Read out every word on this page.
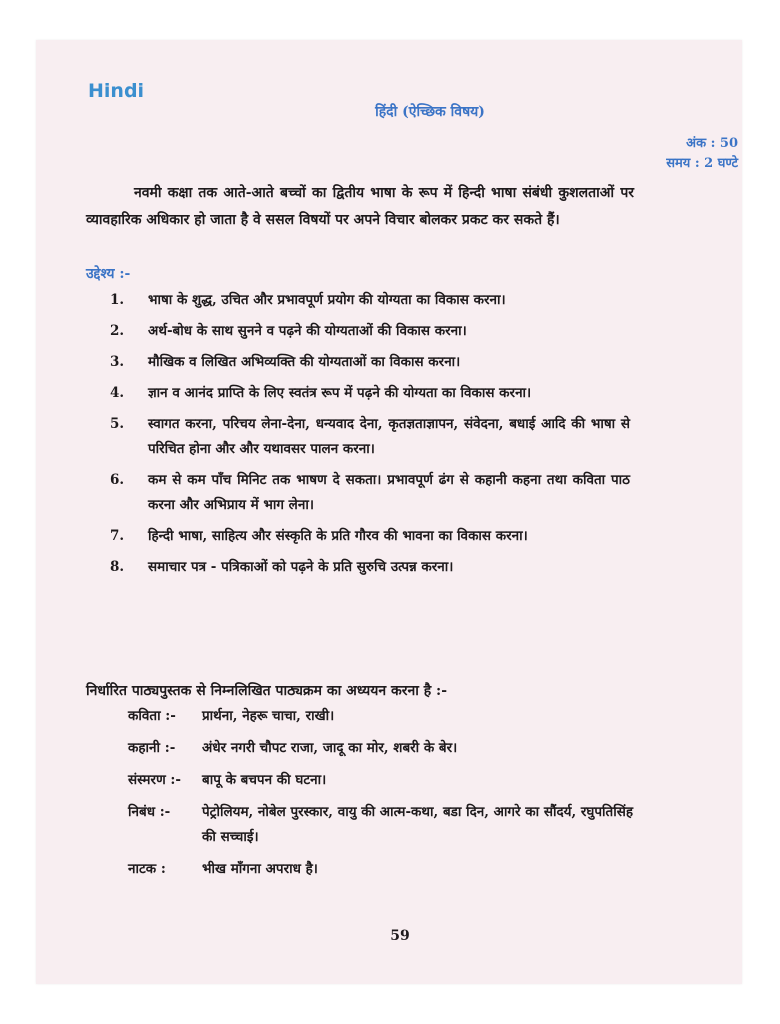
Hindi
हिंदी (ऐच्छिक विषय)
अंक : 50
समय : 2 घण्टे

नवमी कक्षा तक आते-आते बच्चों का द्वितीय भाषा के रूप में हिन्दी भाषा संबंधी कुशलताओं पर व्यावहारिक अधिकार हो जाता है वे ससल विषयों पर अपने विचार बोलकर प्रकट कर सकते हैं।

उद्देश्य :-
1.	भाषा के शुद्ध, उचित और प्रभावपूर्ण प्रयोग की योग्यता का विकास करना।
2.	अर्थ-बोध के साथ सुनने व पढ़ने की योग्यताओं की विकास करना।
3.	मौखिक व लिखित अभिव्यक्ति की योग्यताओं का विकास करना।
4.	ज्ञान व आनंद प्राप्ति के लिए स्वतंत्र रूप में पढ़ने की योग्यता का विकास करना।
5.	स्वागत करना, परिचय लेना-देना, धन्यवाद देना, कृतज्ञताज्ञापन, संवेदना, बधाई आदि की भाषा से परिचित होना और और यथावसर पालन करना।
6.	कम से कम पाँच मिनिट तक भाषण दे सकता। प्रभावपूर्ण ढंग से कहानी कहना तथा कविता पाठ करना और अभिप्राय में भाग लेना।
7.	हिन्दी भाषा, साहित्य और संस्कृति के प्रति गौरव की भावना का विकास करना।
8.	समाचार पत्र - पत्रिकाओं को पढ़ने के प्रति सुरुचि उत्पन्न करना।
निर्धारित पाठ्यपुस्तक से निम्नलिखित पाठ्यक्रम का अध्ययन करना है :-
कविता :-	प्रार्थना, नेहरू चाचा, राखी।
कहानी :-	अंधेर नगरी चौपट राजा, जादू का मोर, शबरी के बेर।
संस्मरण :-	बापू के बचपन की घटना।
निबंध :-	पेट्रोलियम, नोबेल पुरस्कार, वायु की आत्म-कथा, बडा दिन, आगरे का सौंदर्य, रघुपतिसिंह की सच्चाई।
नाटक :	भीख माँगना अपराध है।
59
